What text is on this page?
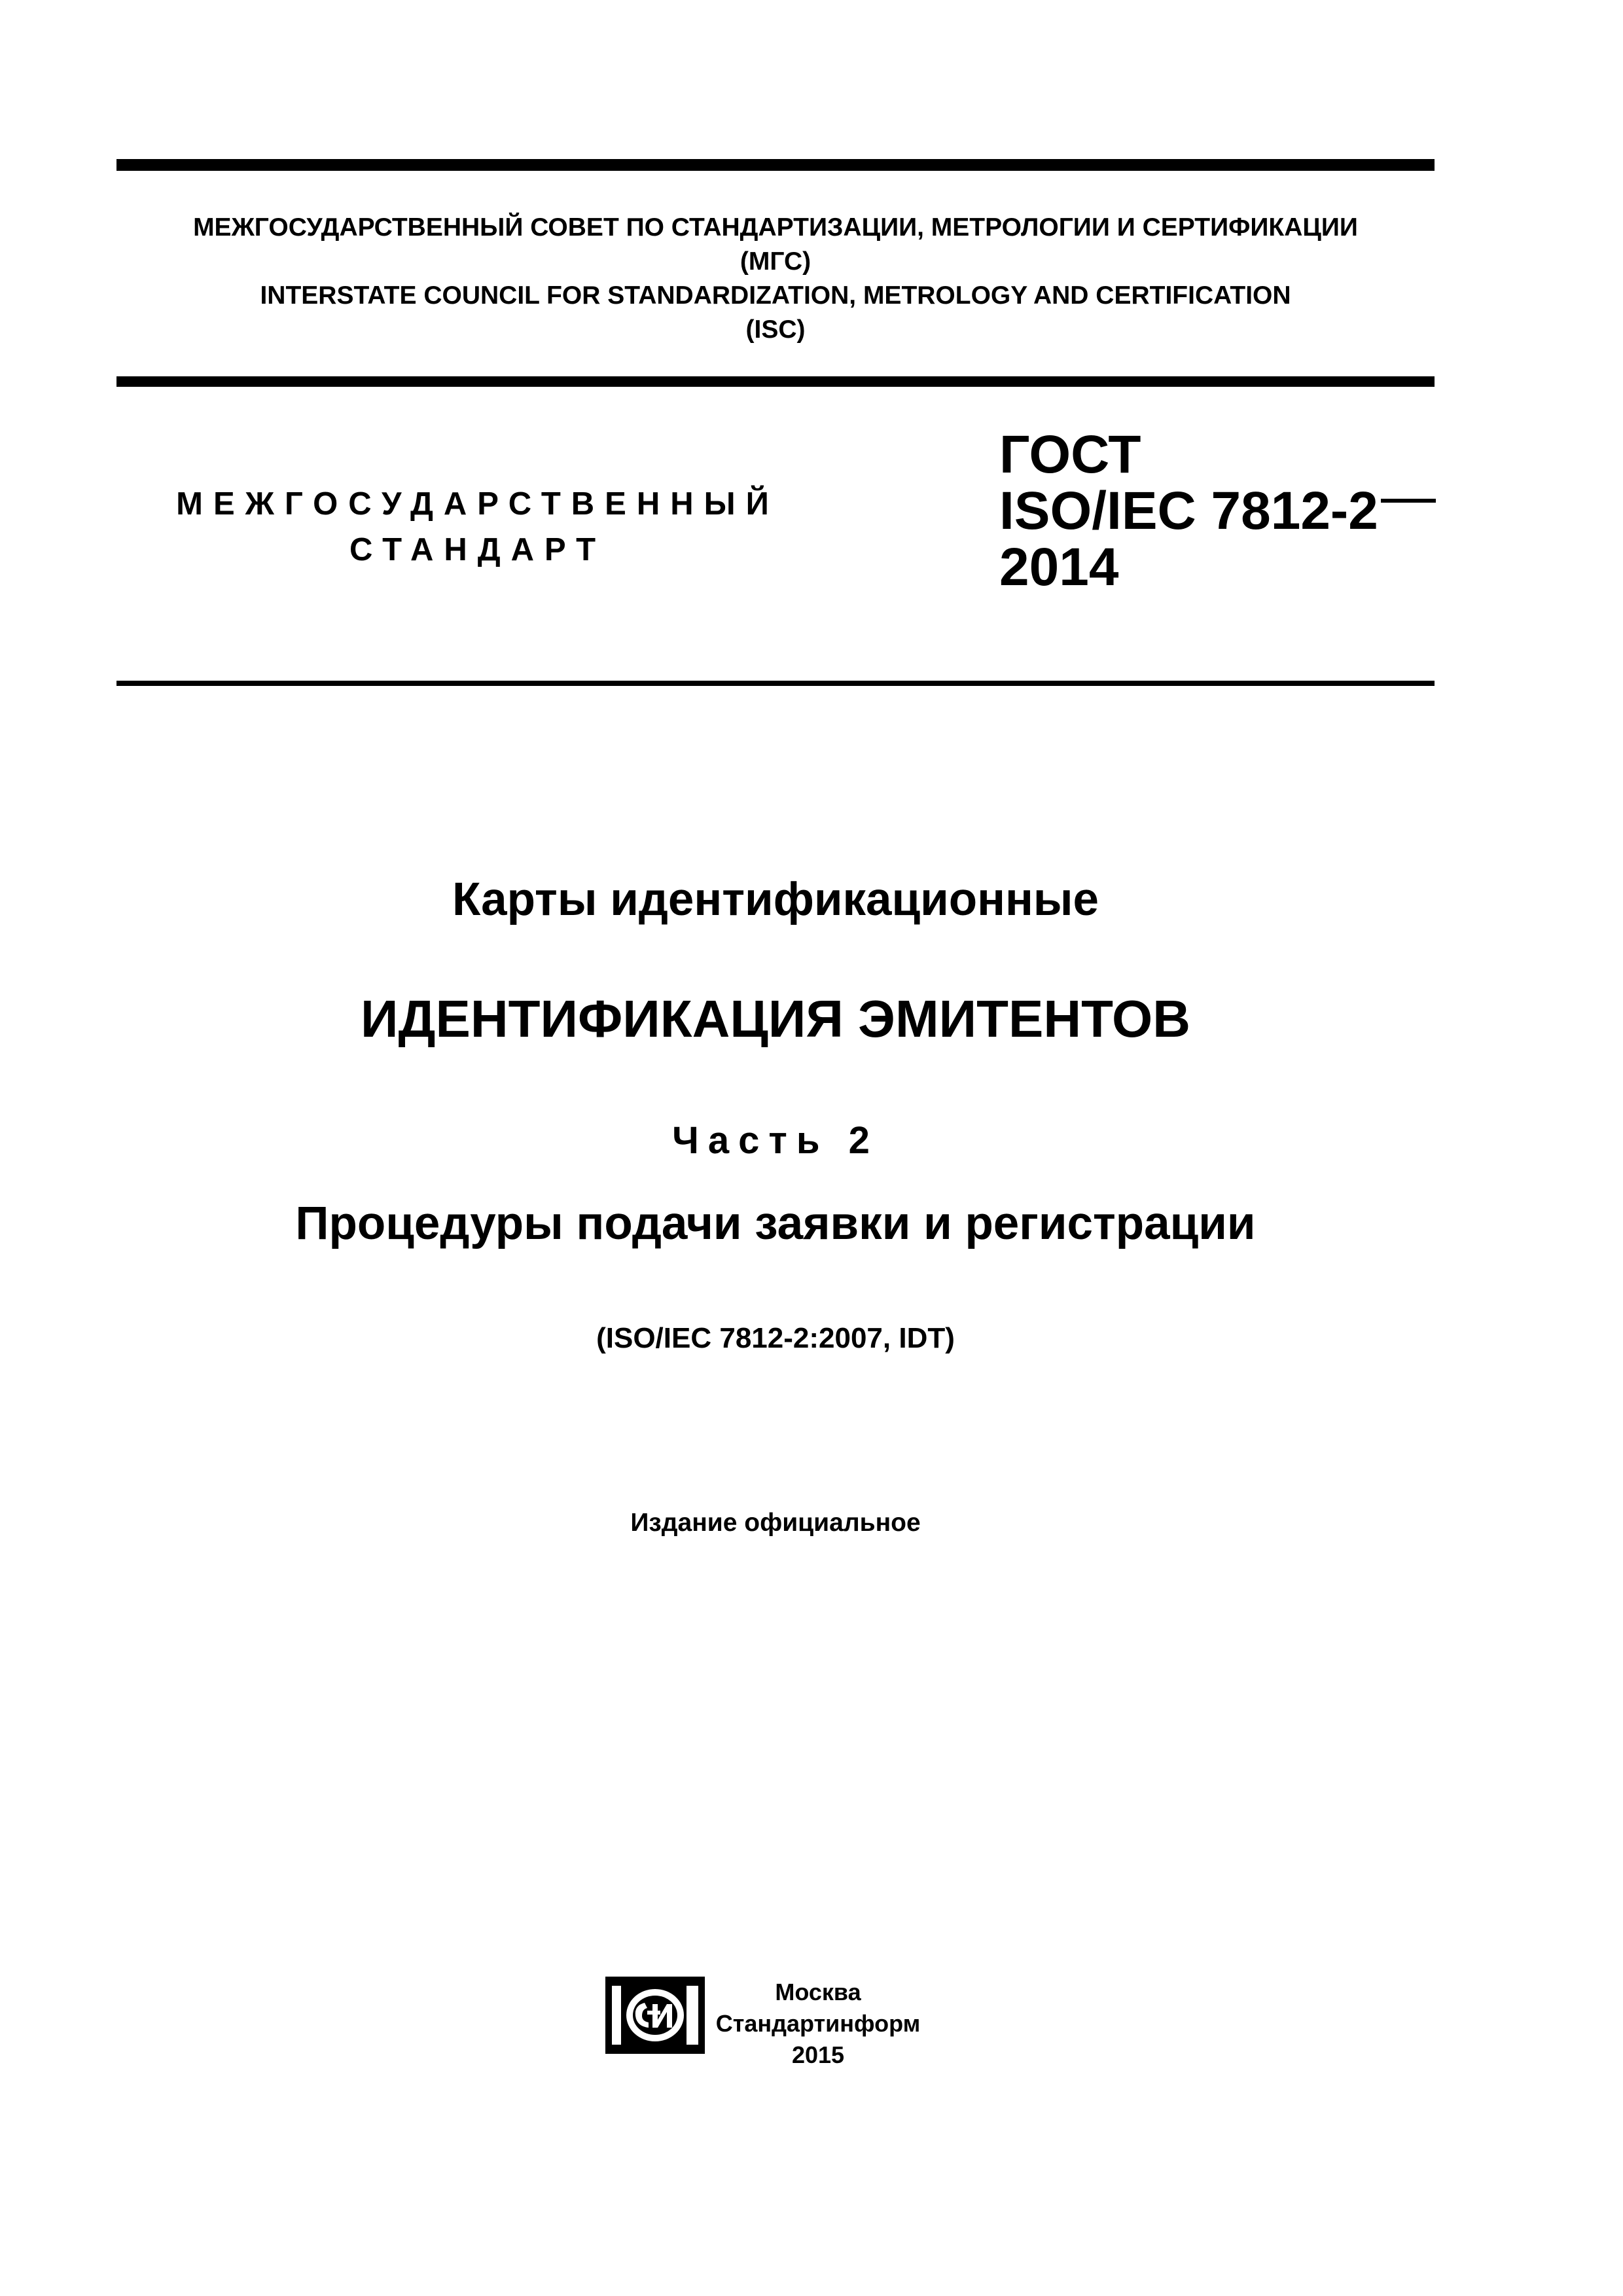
МЕЖГОСУДАРСТВЕННЫЙ СОВЕТ ПО СТАНДАРТИЗАЦИИ, МЕТРОЛОГИИ И СЕРТИФИКАЦИИ
(МГС)
INTERSTATE COUNCIL FOR STANDARDIZATION, METROLOGY AND CERTIFICATION
(ISC)
МЕЖГОСУДАРСТВЕННЫЙ
СТАНДАРТ
ГОСТ
ISO/IEC 7812-2
2014
Карты идентификационные
ИДЕНТИФИКАЦИЯ ЭМИТЕНТОВ
Часть 2
Процедуры подачи заявки и регистрации
(ISO/IEC 7812-2:2007, IDT)
Издание официальное
Москва
Стандартинформ
2015
